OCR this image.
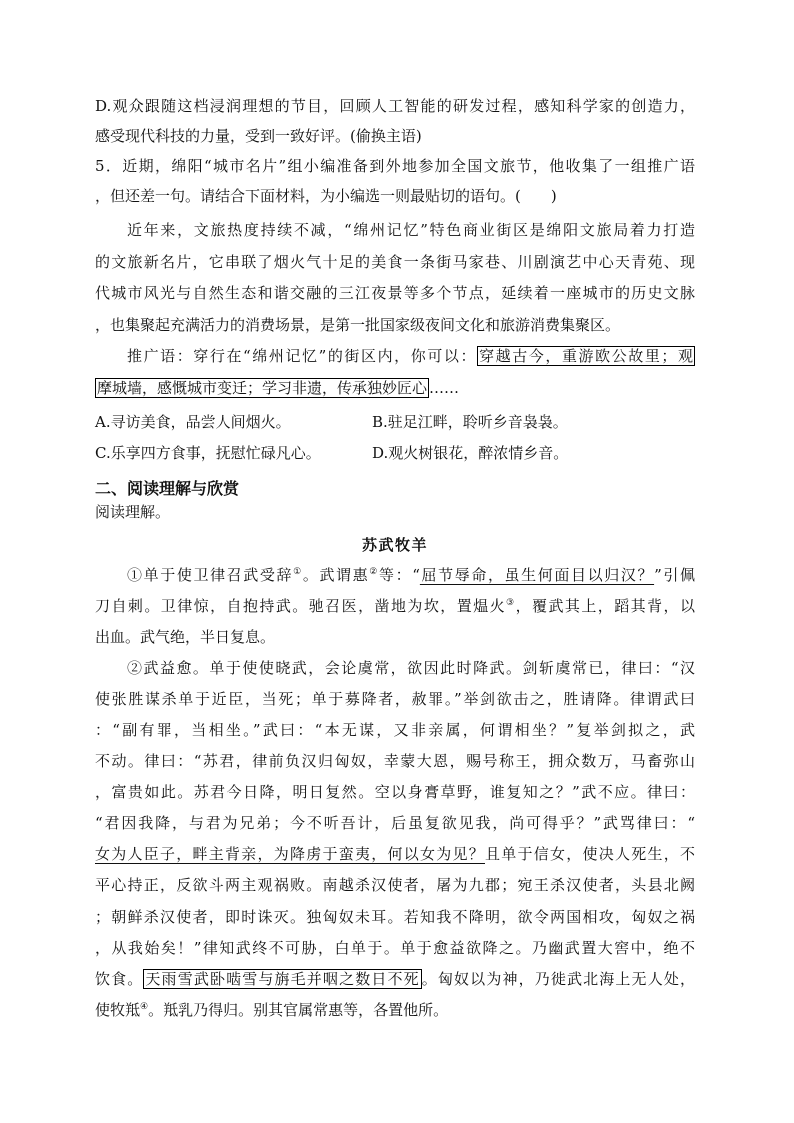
D.观众跟随这档浸润理想的节目，回顾人工智能的研发过程，感知科学家的创造力，
感受现代科技的力量，受到一致好评。(偷换主语)
5．近期，绵阳“城市名片”组小编准备到外地参加全国文旅节，他收集了一组推广语
，但还差一句。请结合下面材料，为小编选一则最贴切的语句。(　　)
近年来，文旅热度持续不减，“绵州记忆”特色商业街区是绵阳文旅局着力打造
的文旅新名片，它串联了烟火气十足的美食一条街马家巷、川剧演艺中心天青苑、现
代城市风光与自然生态和谐交融的三江夜景等多个节点，延续着一座城市的历史文脉
，也集聚起充满活力的消费场景，是第一批国家级夜间文化和旅游消费集聚区。
推广语：穿行在“绵州记忆”的街区内，你可以： 穿越古今，重游欧公故里；观
摩城墙，感慨城市变迁；学习非遗，传承独妙匠心 ……
A.寻访美食，品尝人间烟火。	B.驻足江畔，聆听乡音袅袅。
C.乐享四方食事，抚慰忙碌凡心。	D.观火树银花，醉浓情乡音。
二、阅读理解与欣赏
阅读理解。
苏武牧羊
①单于使卫律召武受辞①。武谓惠②等：“屈节辱命，虽生何面目以归汉？”引佩
刀自刺。卫律惊，自抱持武。驰召医，凿地为坎，置煴火③，覆武其上，蹈其背，以
出血。武气绝，半日复息。
②武益愈。单于使使晓武，会论虞常，欲因此时降武。剑斩虞常已，律曰：“汉
使张胜谋杀单于近臣，当死；单于募降者，赦罪。”举剑欲击之，胜请降。律谓武曰
：“副有罪，当相坐。”武曰：“本无谋，又非亲属，何谓相坐？”复举剑拟之，武
不动。律曰：“苏君，律前负汉归匈奴，幸蒙大恩，赐号称王，拥众数万，马畜弥山
，富贵如此。苏君今日降，明日复然。空以身膏草野，谁复知之？”武不应。律曰：
“君因我降，与君为兄弟；今不听吾计，后虽复欲见我，尚可得乎？”武骂律曰：“
女为人臣子，畔主背亲，为降虏于蛮夷，何以女为见？且单于信女，使决人死生，不
平心持正，反欲斗两主观祸败。南越杀汉使者，屠为九郡；宛王杀汉使者，头县北阙
；朝鲜杀汉使者，即时诛灭。独匈奴未耳。若知我不降明，欲令两国相攻，匈奴之祸
，从我始矣！”律知武终不可胁，白单于。单于愈益欲降之。乃幽武置大窖中，绝不
饮食。 天雨雪武卧啮雪与旃毛并咽之数日不死 。匈奴以为神，乃徙武北海上无人处，
使牧羝④。羝乳乃得归。别其官属常惠等，各置他所。
